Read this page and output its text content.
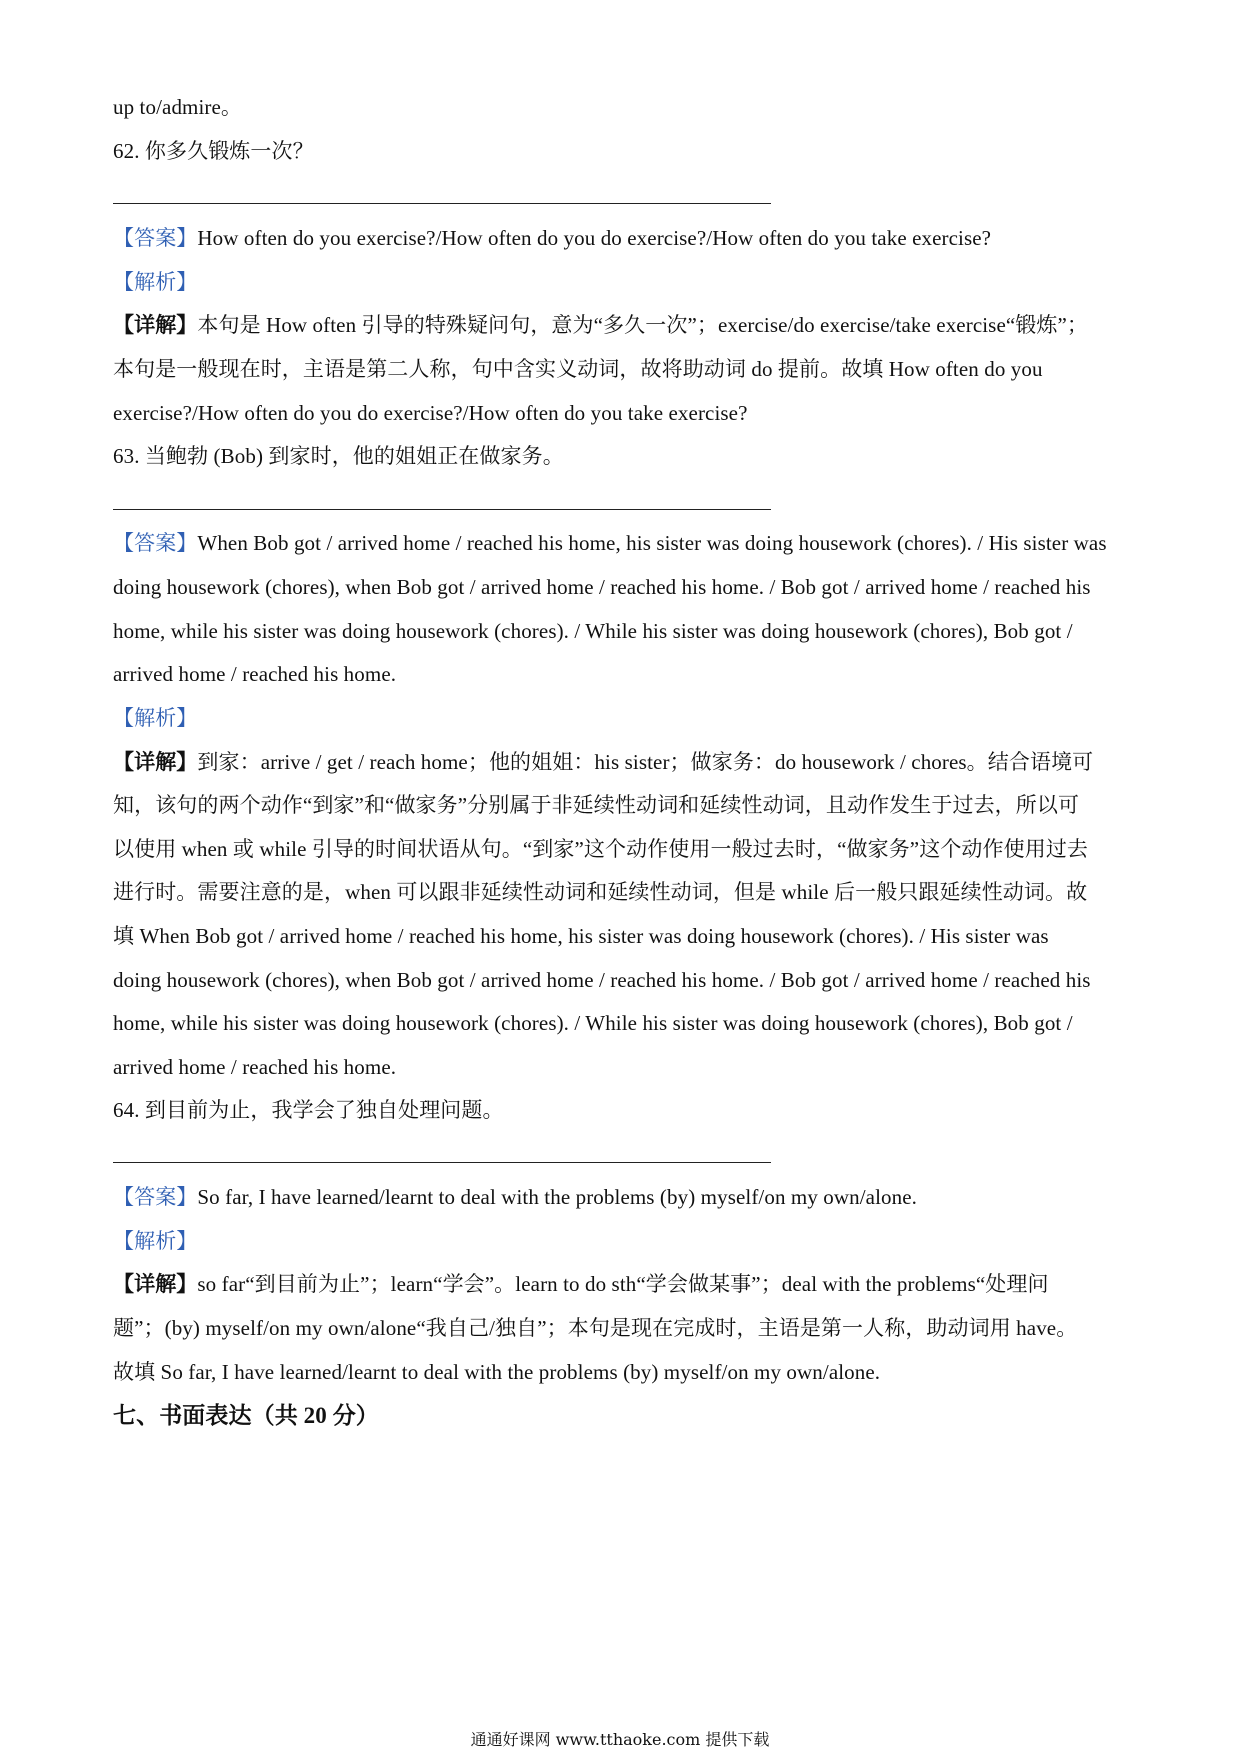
up to/admire。
62. 你多久锻炼一次？
【答案】How often do you exercise?/How often do you do exercise?/How often do you take exercise?
【解析】
【详解】本句是 How often 引导的特殊疑问句，意为“多久一次”；exercise/do exercise/take exercise“锻炼”；
本句是一般现在时，主语是第二人称，句中含实义动词，故将助动词 do 提前。故填 How often do you
exercise?/How often do you do exercise?/How often do you take exercise?
63. 当鲍勃 (Bob) 到家时，他的姐姐正在做家务。
【答案】When Bob got / arrived home / reached his home, his sister was doing housework (chores). / His sister was
doing housework (chores), when Bob got / arrived home / reached his home. / Bob got / arrived home / reached his
home, while his sister was doing housework (chores). / While his sister was doing housework (chores), Bob got /
arrived home / reached his home.
【解析】
【详解】到家：arrive / get / reach home；他的姐姐：his sister；做家务：do housework / chores。结合语境可
知，该句的两个动作“到家”和“做家务”分别属于非延续性动词和延续性动词，且动作发生于过去，所以可
以使用 when 或 while 引导的时间状语从句。“到家”这个动作使用一般过去时，“做家务”这个动作使用过去
进行时。需要注意的是，when 可以跟非延续性动词和延续性动词，但是 while 后一般只跟延续性动词。故
填 When Bob got / arrived home / reached his home, his sister was doing housework (chores). / His sister was
doing housework (chores), when Bob got / arrived home / reached his home. / Bob got / arrived home / reached his
home, while his sister was doing housework (chores). / While his sister was doing housework (chores), Bob got /
arrived home / reached his home.
64. 到目前为止，我学会了独自处理问题。
【答案】So far, I have learned/learnt to deal with the problems (by) myself/on my own/alone.
【解析】
【详解】so far“到目前为止”；learn“学会”。learn to do sth“学会做某事”；deal with the problems“处理问
题”；(by) myself/on my own/alone“我自己/独自”；本句是现在完成时，主语是第一人称，助动词用 have。
故填 So far, I have learned/learnt to deal with the problems (by) myself/on my own/alone.
七、书面表达（共 20 分）
通通好课网 www.tthaoke.com 提供下载
